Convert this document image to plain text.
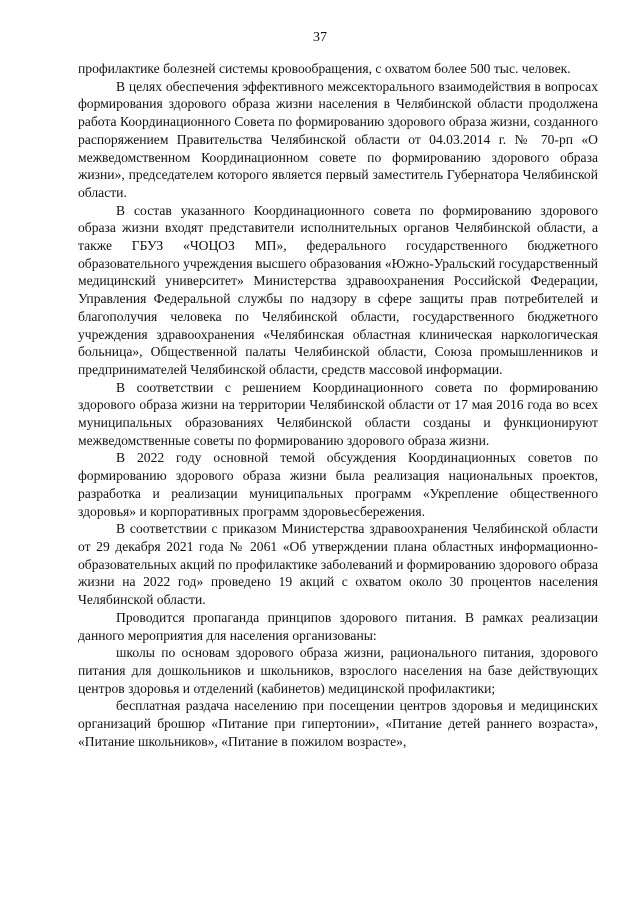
37

профилактике болезней системы кровообращения, с охватом более 500 тыс. человек.

В целях обеспечения эффективного межсекторального взаимодействия в вопросах формирования здорового образа жизни населения в Челябинской области продолжена работа Координационного Совета по формированию здорового образа жизни, созданного распоряжением Правительства Челябинской области от 04.03.2014 г. № 70-рп «О межведомственном Координационном совете по формированию здорового образа жизни», председателем которого является первый заместитель Губернатора Челябинской области.

В состав указанного Координационного совета по формированию здорового образа жизни входят представители исполнительных органов Челябинской области, а также ГБУЗ «ЧОЦОЗ МП», федерального государственного бюджетного образовательного учреждения высшего образования «Южно-Уральский государственный медицинский университет» Министерства здравоохранения Российской Федерации, Управления Федеральной службы по надзору в сфере защиты прав потребителей и благополучия человека по Челябинской области, государственного бюджетного учреждения здравоохранения «Челябинская областная клиническая наркологическая больница», Общественной палаты Челябинской области, Союза промышленников и предпринимателей Челябинской области, средств массовой информации.

В соответствии с решением Координационного совета по формированию здорового образа жизни на территории Челябинской области от 17 мая 2016 года во всех муниципальных образованиях Челябинской области созданы и функционируют межведомственные советы по формированию здорового образа жизни.

В 2022 году основной темой обсуждения Координационных советов по формированию здорового образа жизни была реализация национальных проектов, разработка и реализации муниципальных программ «Укрепление общественного здоровья» и корпоративных программ здоровьесбережения.

В соответствии с приказом Министерства здравоохранения Челябинской области от 29 декабря 2021 года № 2061 «Об утверждении плана областных информационно-образовательных акций по профилактике заболеваний и формированию здорового образа жизни на 2022 год» проведено 19 акций с охватом около 30 процентов населения Челябинской области.

Проводится пропаганда принципов здорового питания. В рамках реализации данного мероприятия для населения организованы:

школы по основам здорового образа жизни, рационального питания, здорового питания для дошкольников и школьников, взрослого населения на базе действующих центров здоровья и отделений (кабинетов) медицинской профилактики;

бесплатная раздача населению при посещении центров здоровья и медицинских организаций брошюр «Питание при гипертонии», «Питание детей раннего возраста», «Питание школьников», «Питание в пожилом возрасте»,
